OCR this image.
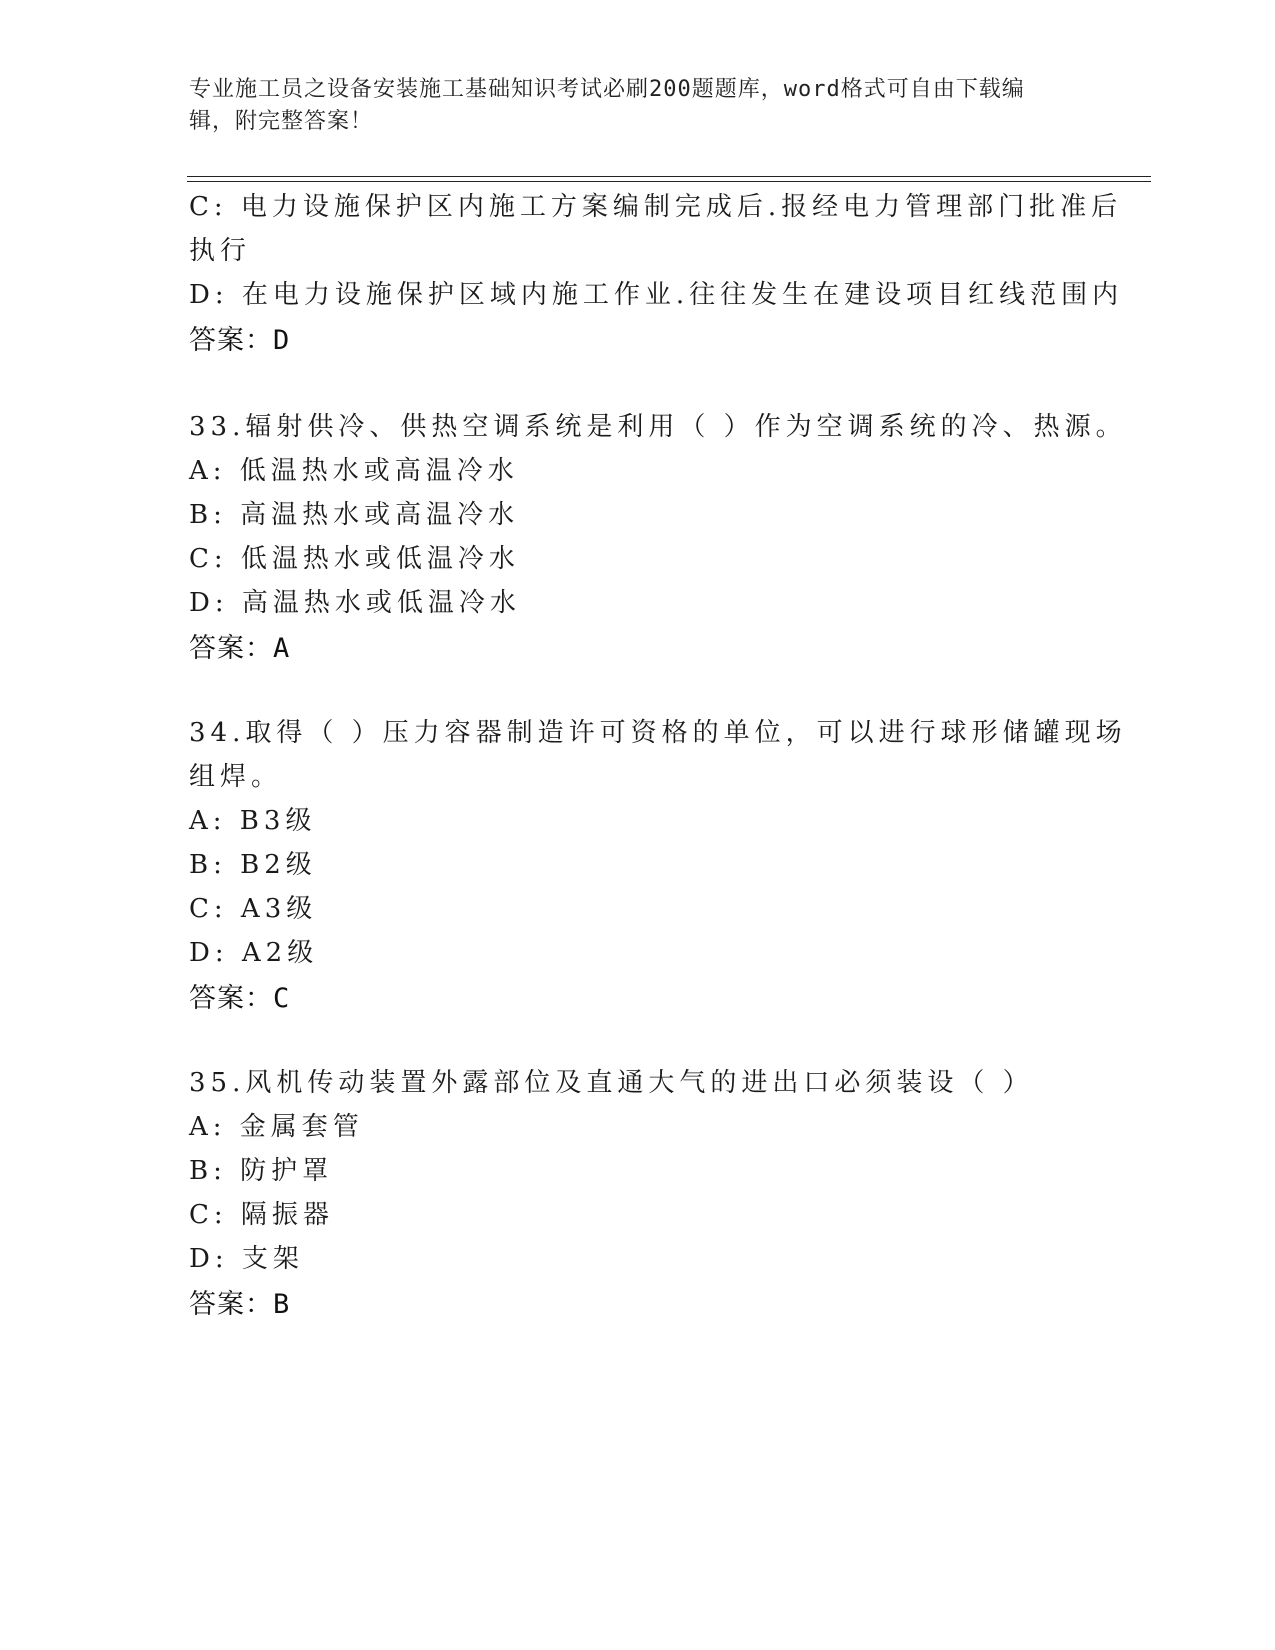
专业施工员之设备安装施工基础知识考试必刷200题题库，word格式可自由下载编辑，附完整答案！
C: 电力设施保护区内施工方案编制完成后.报经电力管理部门批准后
执行
D: 在电力设施保护区域内施工作业.往往发生在建设项目红线范围内
答案：D
33.辐射供冷、供热空调系统是利用（ ）作为空调系统的冷、热源。
A: 低温热水或高温冷水
B: 高温热水或高温冷水
C: 低温热水或低温冷水
D: 高温热水或低温冷水
答案：A
34.取得（ ）压力容器制造许可资格的单位，可以进行球形储罐现场
组焊。
A: B3级
B: B2级
C: A3级
D: A2级
答案：C
35.风机传动装置外露部位及直通大气的进出口必须装设（ ）
A: 金属套管
B: 防护罩
C: 隔振器
D: 支架
答案：B
